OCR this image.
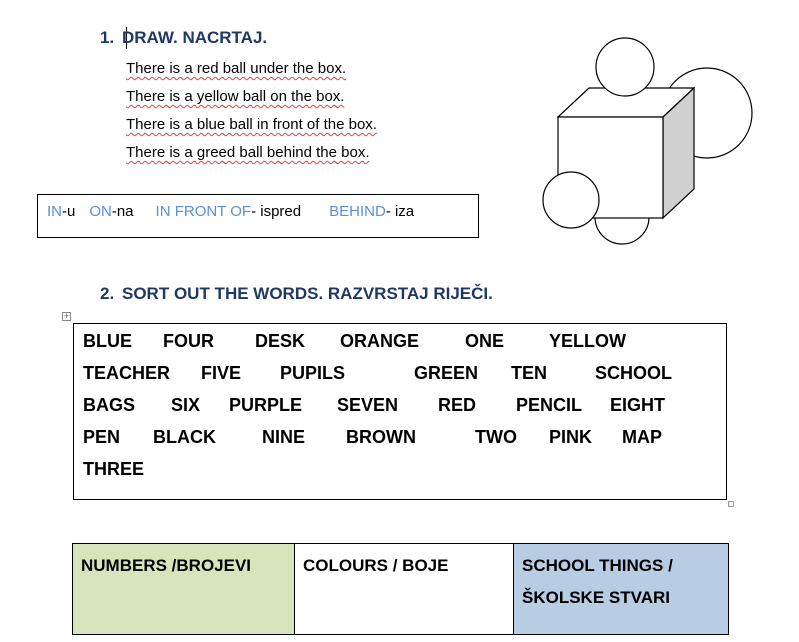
1. DRAW. NACRTAJ.
There is a red ball under the box.
There is a yellow ball on the box.
There is a blue ball in front of the box.
There is a greed ball behind the box.
IN-u ON-na IN FRONT OF- ispred BEHIND- iza
2. SORT OUT THE WORDS. RAZVRSTAJ RIJEČI.
+
BLUE FOUR DESK ORANGE	ONE YELLOW
TEACHER FIVE PUPILS	GREEN TEN	SCHOOL
BAGS SIX PURPLE SEVEN RED PENCIL EIGHT
PEN BLACK	NINE BROWN	TWO PINK MAP
THREE
NUMBERS /BROJEVI	COLOURS / BOJE	SCHOOL THINGS /
ŠKOLSKE STVARI
